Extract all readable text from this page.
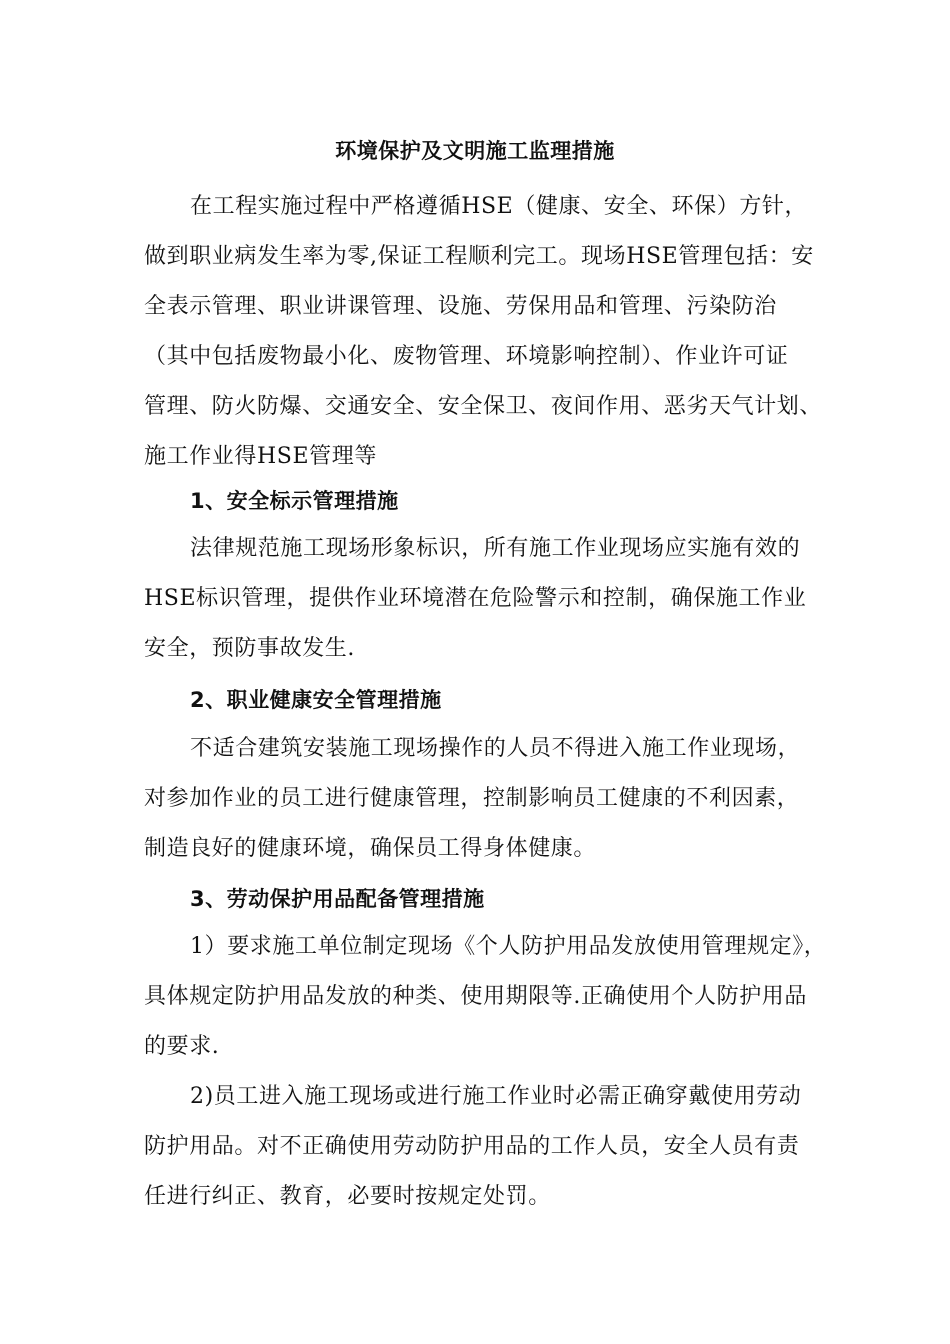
环境保护及文明施工监理措施
在工程实施过程中严格遵循HSE（健康、安全、环保）方针，
做到职业病发生率为零,保证工程顺利完工。现场HSE管理包括：安
全表示管理、职业讲课管理、设施、劳保用品和管理、污染防治
（其中包括废物最小化、废物管理、环境影响控制）、作业许可证
管理、防火防爆、交通安全、安全保卫、夜间作用、恶劣天气计划、
施工作业得HSE管理等
1、安全标示管理措施
法律规范施工现场形象标识，所有施工作业现场应实施有效的
HSE标识管理，提供作业环境潜在危险警示和控制，确保施工作业
安全，预防事故发生.
2、职业健康安全管理措施
不适合建筑安装施工现场操作的人员不得进入施工作业现场，
对参加作业的员工进行健康管理，控制影响员工健康的不利因素，
制造良好的健康环境，确保员工得身体健康。
3、劳动保护用品配备管理措施
1）要求施工单位制定现场《个人防护用品发放使用管理规定》，
具体规定防护用品发放的种类、使用期限等.正确使用个人防护用品
的要求.
2)员工进入施工现场或进行施工作业时必需正确穿戴使用劳动
防护用品。对不正确使用劳动防护用品的工作人员，安全人员有责
任进行纠正、教育，必要时按规定处罚。
